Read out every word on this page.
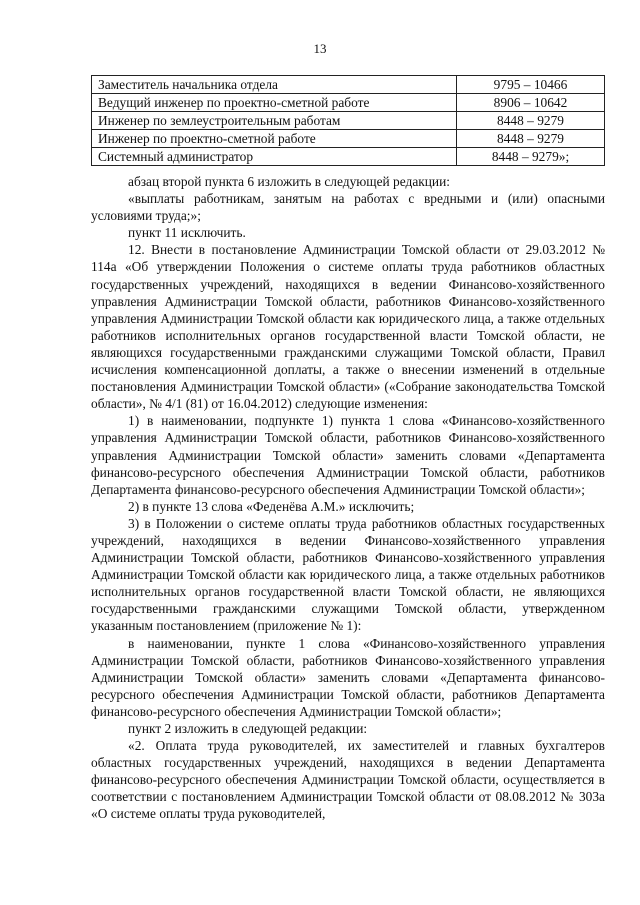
13
Заместитель начальника отдела	9795 – 10466
Ведущий инженер по проектно-сметной работе	8906 – 10642
Инженер по землеустроительным работам	8448 – 9279
Инженер по проектно-сметной работе	8448 – 9279
Системный администратор	8448 – 9279»;

абзац второй пункта 6 изложить в следующей редакции:

«выплаты работникам, занятым на работах с вредными и (или) опасными условиями труда;»;

пункт 11 исключить.

12. Внести в постановление Администрации Томской области от 29.03.2012 № 114а «Об утверждении Положения о системе оплаты труда работников областных государственных учреждений, находящихся в ведении Финансово-хозяйственного управления Администрации Томской области, работников Финансово-хозяйственного управления Администрации Томской области как юридического лица, а также отдельных работников исполнительных органов государственной власти Томской области, не являющихся государственными гражданскими служащими Томской области, Правил исчисления компенсационной доплаты, а также о внесении изменений в отдельные постановления Администрации Томской области» («Собрание законодательства Томской области», № 4/1 (81) от 16.04.2012) следующие изменения:

1) в наименовании, подпункте 1) пункта 1 слова «Финансово-хозяйственного управления Администрации Томской области, работников Финансово-хозяйственного управления Администрации Томской области» заменить словами «Департамента финансово-ресурсного обеспечения Администрации Томской области, работников Департамента финансово-ресурсного обеспечения Администрации Томской области»;

2) в пункте 13 слова «Феденёва А.М.» исключить;

3) в Положении о системе оплаты труда работников областных государственных учреждений, находящихся в ведении Финансово-хозяйственного управления Администрации Томской области, работников Финансово-хозяйственного управления Администрации Томской области как юридического лица, а также отдельных работников исполнительных органов государственной власти Томской области, не являющихся государственными гражданскими служащими Томской области, утвержденном указанным постановлением (приложение № 1):

в наименовании, пункте 1 слова «Финансово-хозяйственного управления Администрации Томской области, работников Финансово-хозяйственного управления Администрации Томской области» заменить словами «Департамента финансово-ресурсного обеспечения Администрации Томской области, работников Департамента финансово-ресурсного обеспечения Администрации Томской области»;

пункт 2 изложить в следующей редакции:

«2. Оплата труда руководителей, их заместителей и главных бухгалтеров областных государственных учреждений, находящихся в ведении Департамента финансово-ресурсного обеспечения Администрации Томской области, осуществляется в соответствии с постановлением Администрации Томской области от 08.08.2012 № 303а «О системе оплаты труда руководителей,
